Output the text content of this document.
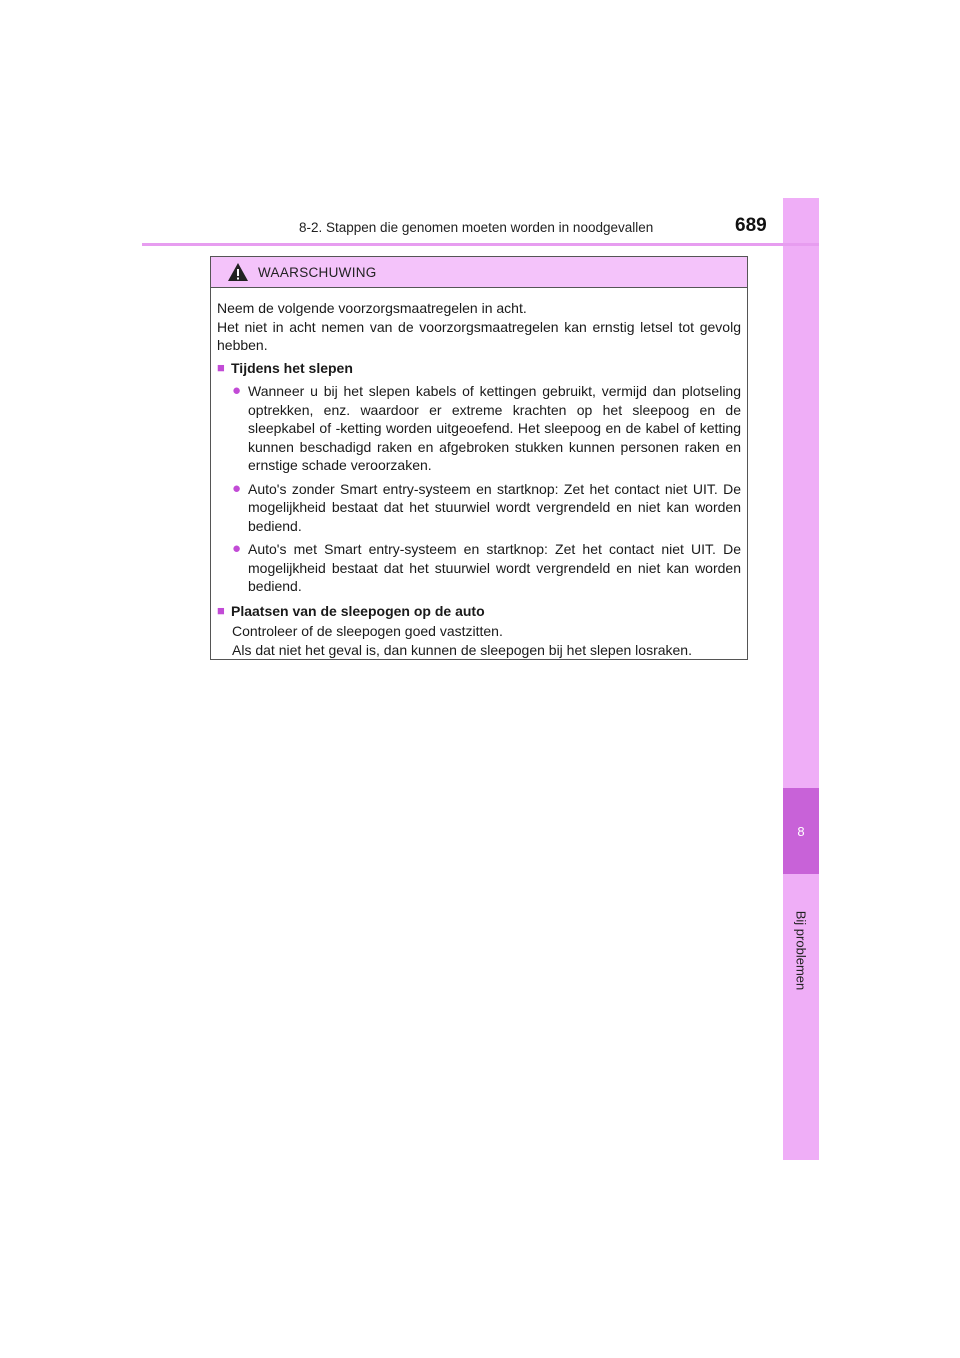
8
Bij problemen
8-2. Stappen die genomen moeten worden in noodgevallen	689
WAARSCHUWING

Neem de volgende voorzorgsmaatregelen in acht.

Het niet in acht nemen van de voorzorgsmaatregelen kan ernstig letsel tot gevolg hebben.

■ Tijdens het slepen
● Wanneer u bij het slepen kabels of kettingen gebruikt, vermijd dan plotseling optrekken, enz. waardoor er extreme krachten op het sleepoog en de sleepkabel of -ketting worden uitgeoefend. Het sleepoog en de kabel of ketting kunnen beschadigd raken en afgebroken stukken kunnen personen raken en ernstige schade veroorzaken.
● Auto's zonder Smart entry-systeem en startknop: Zet het contact niet UIT. De mogelijkheid bestaat dat het stuurwiel wordt vergrendeld en niet kan worden bediend.
● Auto's met Smart entry-systeem en startknop: Zet het contact niet UIT. De mogelijkheid bestaat dat het stuurwiel wordt vergrendeld en niet kan worden bediend.
■ Plaatsen van de sleepogen op de auto

Controleer of de sleepogen goed vastzitten.

Als dat niet het geval is, dan kunnen de sleepogen bij het slepen losraken.
